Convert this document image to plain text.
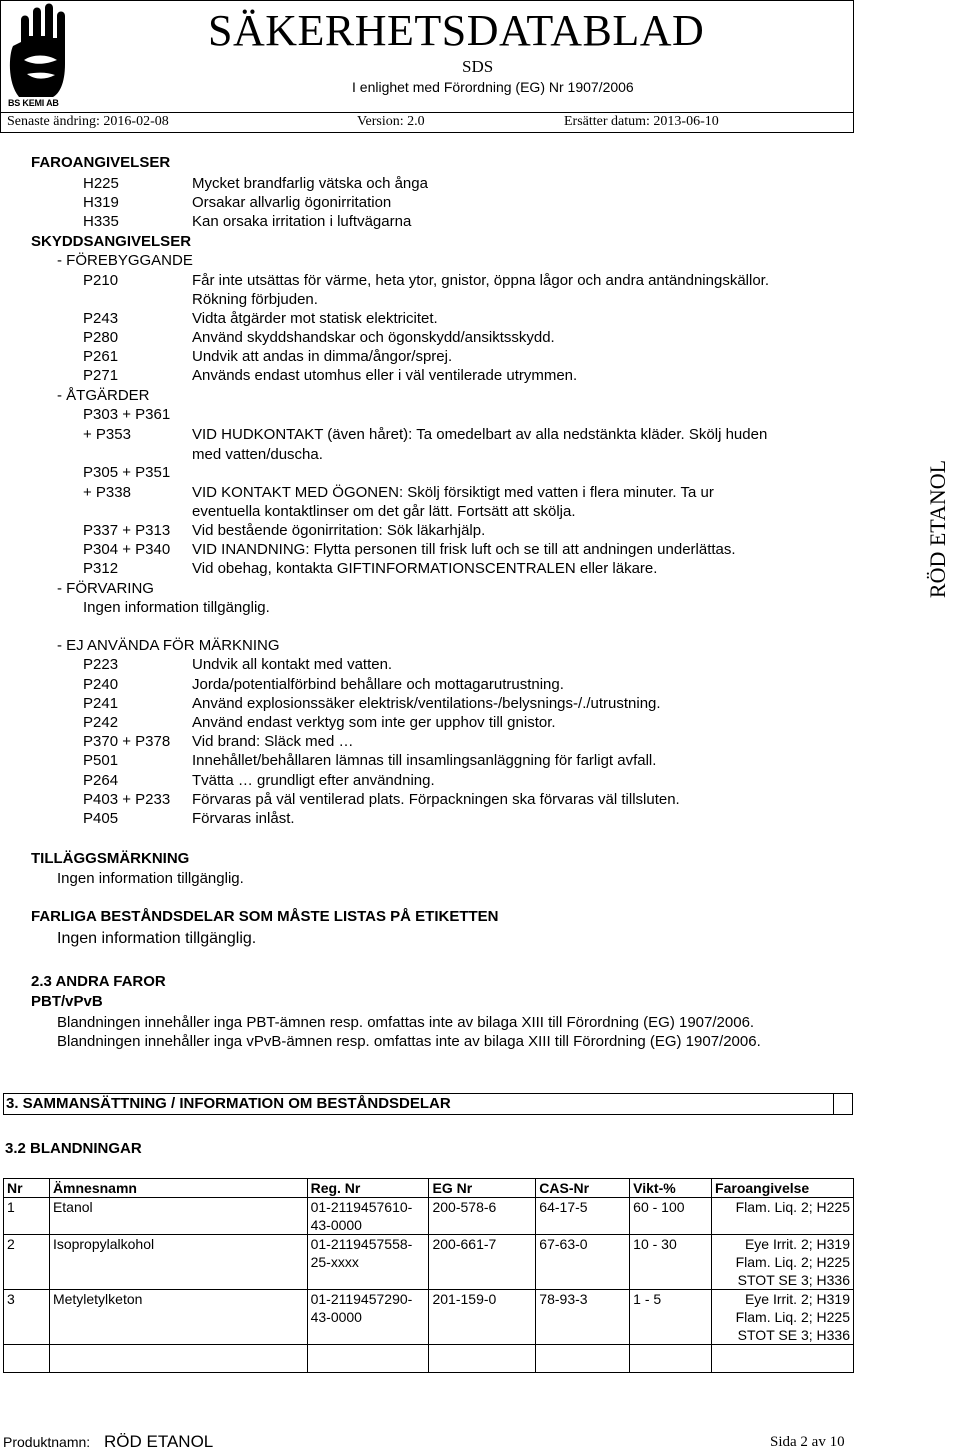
BS KEMI AB
SÄKERHETSDATABLAD
SDS
I enlighet med Förordning (EG) Nr 1907/2006
Senaste ändring: 2016-02-08	Version: 2.0	Ersätter datum: 2013-06-10
RÖD ETANOL
FAROANGIVELSER
H225	Mycket brandfarlig vätska och ånga
H319	Orsakar allvarlig ögonirritation
H335	Kan orsaka irritation i luftvägarna
SKYDDSANGIVELSER
- FÖREBYGGANDE
P210	Får inte utsättas för värme, heta ytor, gnistor, öppna lågor och andra antändningskällor.
Rökning förbjuden.
P243	Vidta åtgärder mot statisk elektricitet.
P280	Använd skyddshandskar och ögonskydd/ansiktsskydd.
P261	Undvik att andas in dimma/ångor/sprej.
P271	Används endast utomhus eller i väl ventilerade utrymmen.
- ÅTGÄRDER
P303 + P361
+ P353	VID HUDKONTAKT (även håret): Ta omedelbart av alla nedstänkta kläder. Skölj huden
med vatten/duscha.
P305 + P351
+ P338	VID KONTAKT MED ÖGONEN: Skölj försiktigt med vatten i flera minuter. Ta ur
eventuella kontaktlinser om det går lätt. Fortsätt att skölja.
P337 + P313 Vid bestående ögonirritation: Sök läkarhjälp.
P304 + P340 VID INANDNING: Flytta personen till frisk luft och se till att andningen underlättas.
P312	Vid obehag, kontakta GIFTINFORMATIONSCENTRALEN eller läkare.
- FÖRVARING
Ingen information tillgänglig.
- EJ ANVÄNDA FÖR MÄRKNING
P223	Undvik all kontakt med vatten.
P240	Jorda/potentialförbind behållare och mottagarutrustning.
P241	Använd explosionssäker elektrisk/ventilations-/belysnings-/./utrustning.
P242	Använd endast verktyg som inte ger upphov till gnistor.
P370 + P378 Vid brand: Släck med …
P501	Innehållet/behållaren lämnas till insamlingsanläggning för farligt avfall.
P264	Tvätta … grundligt efter användning.
P403 + P233 Förvaras på väl ventilerad plats. Förpackningen ska förvaras väl tillsluten.
P405	Förvaras inlåst.
TILLÄGGSMÄRKNING
Ingen information tillgänglig.
FARLIGA BESTÅNDSDELAR SOM MÅSTE LISTAS PÅ ETIKETTEN
Ingen information tillgänglig.
2.3 ANDRA FAROR
PBT/vPvB
Blandningen innehåller inga PBT-ämnen resp. omfattas inte av bilaga XIII till Förordning (EG) 1907/2006.
Blandningen innehåller inga vPvB-ämnen resp. omfattas inte av bilaga XIII till Förordning (EG) 1907/2006.
3. SAMMANSÄTTNING / INFORMATION OM BESTÅNDSDELAR
3.2 BLANDNINGAR
Nr	Ämnesnamn	Reg. Nr	EG Nr	CAS-Nr	Vikt-%	Faroangivelse
1	Etanol	01-2119457610-43-0000	200-578-6	64-17-5	60 - 100	Flam. Liq. 2; H225
2	Isopropylalkohol	01-2119457558-25-xxxx	200-661-7	67-63-0	10 - 30	Eye Irrit. 2; H319
Flam. Liq. 2; H225
STOT SE 3; H336
3	Metyletylketon	01-2119457290-43-0000	201-159-0	78-93-3	1 - 5	Eye Irrit. 2; H319
Flam. Liq. 2; H225
STOT SE 3; H336

Produktnamn: RÖD ETANOL	Sida 2 av 10
